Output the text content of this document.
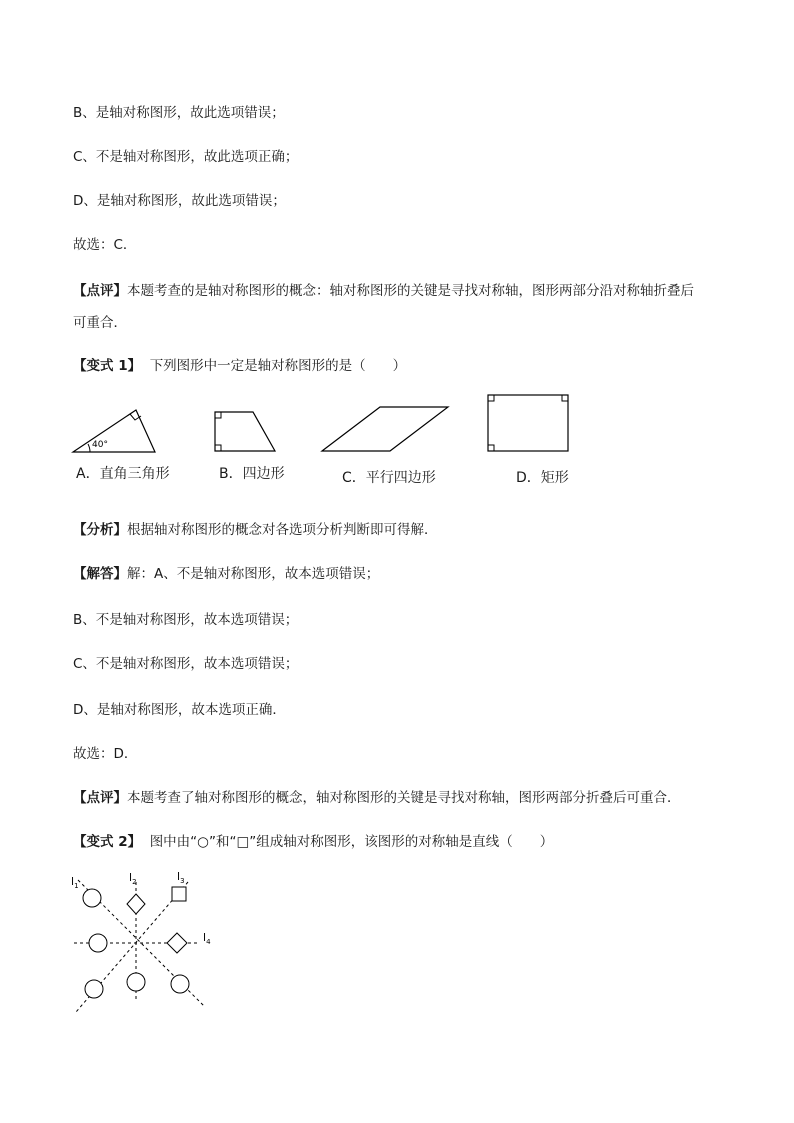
B、是轴对称图形，故此选项错误；
C、不是轴对称图形，故此选项正确；
D、是轴对称图形，故此选项错误；
故选：C．
【点评】本题考查的是轴对称图形的概念：轴对称图形的关键是寻找对称轴，图形两部分沿对称轴折叠后
可重合．
【变式 1】 下列图形中一定是轴对称图形的是（　　）
40°
A．直角三角形	B．四边形	C．平行四边形	D．矩形
【分析】根据轴对称图形的概念对各选项分析判断即可得解．
【解答】解：A、不是轴对称图形，故本选项错误；
B、不是轴对称图形，故本选项错误；
C、不是轴对称图形，故本选项错误；
D、是轴对称图形，故本选项正确．
故选：D．
【点评】本题考查了轴对称图形的概念，轴对称图形的关键是寻找对称轴，图形两部分折叠后可重合．
【变式 2】 图中由“○”和“□”组成轴对称图形，该图形的对称轴是直线（　　）
$l_1$
$l_2$	$l_3$
$l_4$
